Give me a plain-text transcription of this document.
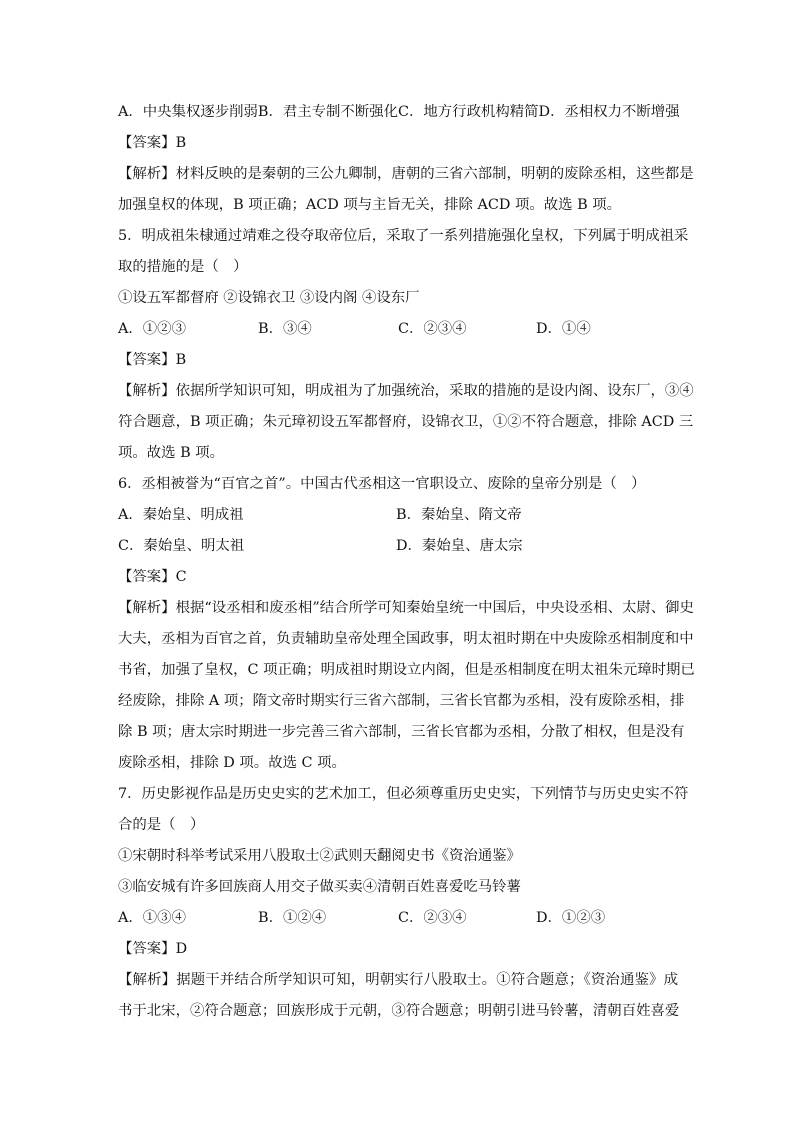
A．中央集权逐步削弱B．君主专制不断强化C．地方行政机构精简D．丞相权力不断增强
【答案】B
【解析】材料反映的是秦朝的三公九卿制，唐朝的三省六部制，明朝的废除丞相，这些都是
加强皇权的体现，B 项正确；ACD 项与主旨无关，排除 ACD 项。故选 B 项。
5．明成祖朱棣通过靖难之役夺取帝位后，采取了一系列措施强化皇权，下列属于明成祖采
取的措施的是（　）
①设五军都督府 ②设锦衣卫 ③设内阁 ④设东厂
A．①②③	B．③④	C．②③④	D．①④
【答案】B
【解析】依据所学知识可知，明成祖为了加强统治，采取的措施的是设内阁、设东厂，③④
符合题意，B 项正确；朱元璋初设五军都督府，设锦衣卫，①②不符合题意，排除 ACD 三
项。故选 B 项。
6．丞相被誉为“百官之首”。中国古代丞相这一官职设立、废除的皇帝分别是（　）
A．秦始皇、明成祖	B．秦始皇、隋文帝
C．秦始皇、明太祖	D．秦始皇、唐太宗
【答案】C
【解析】根据“设丞相和废丞相”结合所学可知秦始皇统一中国后，中央设丞相、太尉、御史
大夫，丞相为百官之首，负责辅助皇帝处理全国政事，明太祖时期在中央废除丞相制度和中
书省，加强了皇权，C 项正确；明成祖时期设立内阁，但是丞相制度在明太祖朱元璋时期已
经废除，排除 A 项；隋文帝时期实行三省六部制，三省长官都为丞相，没有废除丞相，排
除 B 项；唐太宗时期进一步完善三省六部制，三省长官都为丞相，分散了相权，但是没有
废除丞相，排除 D 项。故选 C 项。
7．历史影视作品是历史史实的艺术加工，但必须尊重历史史实，下列情节与历史史实不符
合的是（　）
①宋朝时科举考试采用八股取士②武则天翻阅史书《资治通鉴》
③临安城有许多回族商人用交子做买卖④清朝百姓喜爱吃马铃薯
A．①③④	B．①②④	C．②③④	D．①②③
【答案】D
【解析】据题干并结合所学知识可知，明朝实行八股取士。①符合题意；《资治通鉴》成
书于北宋，②符合题意；回族形成于元朝，③符合题意；明朝引进马铃薯，清朝百姓喜爱
